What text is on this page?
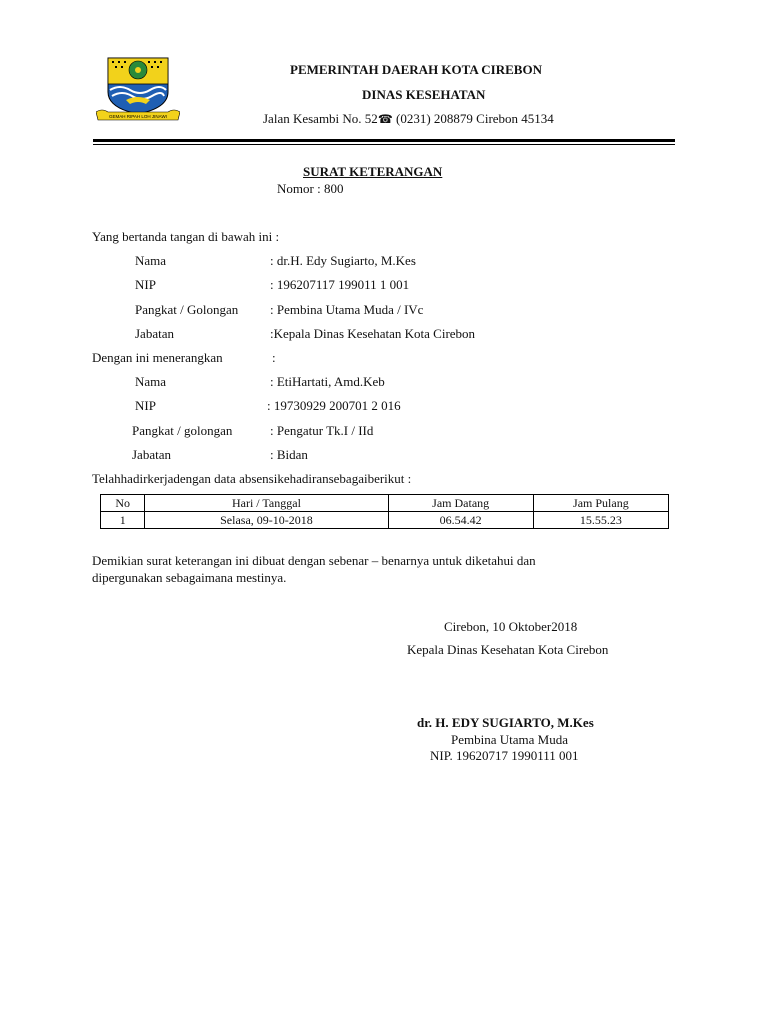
GEMAH RIPAH LOH JINAWI
PEMERINTAH DAERAH KOTA CIREBON
DINAS KESEHATAN
Jalan Kesambi No. 52☎ (0231) 208879 Cirebon 45134
SURAT KETERANGAN
Nomor : 800
Yang bertanda tangan di bawah ini :
Nama	: dr.H. Edy Sugiarto, M.Kes
NIP	: 196207117 199011 1 001
Pangkat / Golongan : Pembina Utama Muda / IVc
Jabatan	:Kepala Dinas Kesehatan Kota Cirebon
Dengan ini menerangkan	:
Nama	: EtiHartati, Amd.Keb
NIP	: 19730929 200701 2 016
Pangkat / golongan	: Pengatur Tk.I / IId
Jabatan	: Bidan
Telahhadirkerjadengan data absensikehadiransebagaiberikut :
No	Hari / Tanggal	Jam Datang	Jam Pulang
1	Selasa, 09-10-2018	06.54.42	15.55.23
Demikian surat keterangan ini dibuat dengan sebenar – benarnya untuk diketahui dan
dipergunakan sebagaimana mestinya.
Cirebon, 10 Oktober2018
Kepala Dinas Kesehatan Kota Cirebon
dr. H. EDY SUGIARTO, M.Kes
Pembina Utama Muda
NIP. 19620717 1990111 001
